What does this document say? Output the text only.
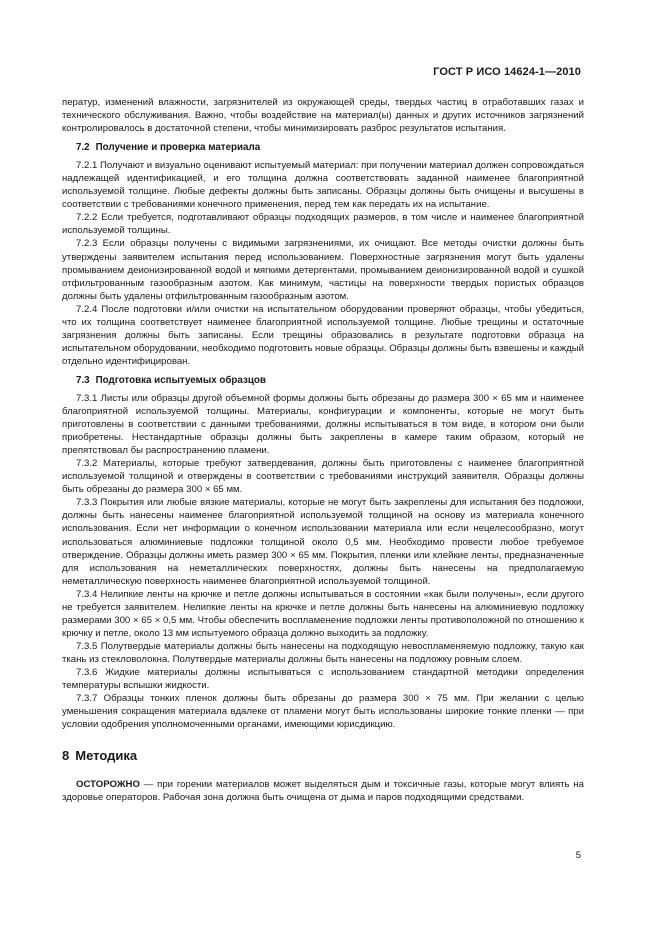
ГОСТ Р ИСО 14624-1—2010

ператур, изменений влажности, загрязнителей из окружающей среды, твердых частиц в отработавших газах и технического обслуживания. Важно, чтобы воздействие на материал(ы) данных и других источников загрязнений контролировалось в достаточной степени, чтобы минимизировать разброс результатов испытания.

7.2 Получение и проверка материала

7.2.1 Получают и визуально оценивают испытуемый материал: при получении материал должен сопровождаться надлежащей идентификацией, и его толщина должна соответствовать заданной наименее благоприятной используемой толщине. Любые дефекты должны быть записаны. Образцы должны быть очищены и высушены в соответствии с требованиями конечного применения, перед тем как передать их на испытание.

7.2.2 Если требуется, подготавливают образцы подходящих размеров, в том числе и наименее благоприятной используемой толщины.

7.2.3 Если образцы получены с видимыми загрязнениями, их очищают. Все методы очистки должны быть утверждены заявителем испытания перед использованием. Поверхностные загрязнения могут быть удалены промыванием деионизированной водой и мягкими детергентами, промыванием деионизированной водой и сушкой отфильтрованным газообразным азотом. Как минимум, частицы на поверхности твердых пористых образцов должны быть удалены отфильтрованным газообразным азотом.

7.2.4 После подготовки и/или очистки на испытательном оборудовании проверяют образцы, чтобы убедиться, что их толщина соответствует наименее благоприятной используемой толщине. Любые трещины и остаточные загрязнения должны быть записаны. Если трещины образовались в результате подготовки образца на испытательном оборудовании, необходимо подготовить новые образцы. Образцы должны быть взвешены и каждый отдельно идентифицирован.

7.3 Подготовка испытуемых образцов

7.3.1 Листы или образцы другой объемной формы должны быть обрезаны до размера 300 × 65 мм и наименее благоприятной используемой толщины. Материалы, конфигурации и компоненты, которые не могут быть приготовлены в соответствии с данными требованиями, должны испытываться в том виде, в котором они были приобретены. Нестандартные образцы должны быть закреплены в камере таким образом, который не препятствовал бы распространению пламени.

7.3.2 Материалы, которые требуют затвердевания, должны быть приготовлены с наименее благоприятной используемой толщиной и отверждены в соответствии с требованиями инструкций заявителя. Образцы должны быть обрезаны до размера 300 × 65 мм.

7.3.3 Покрытия или любые вязкие материалы, которые не могут быть закреплены для испытания без подложки, должны быть нанесены наименее благоприятной используемой толщиной на основу из материала конечного использования. Если нет информации о конечном использовании материала или если нецелесообразно, могут использоваться алюминиевые подложки толщиной около 0,5 мм. Необходимо провести любое требуемое отверждение. Образцы должны иметь размер 300 × 65 мм. Покрытия, пленки или клейкие ленты, предназначенные для использования на неметаллических поверхностях, должны быть нанесены на предполагаемую неметаллическую поверхность наименее благоприятной используемой толщиной.

7.3.4 Нелипкие ленты на крючке и петле должны испытываться в состоянии «как были получены», если другого не требуется заявителем. Нелипкие ленты на крючке и петле должны быть нанесены на алюминиевую подложку размерами 300 × 65 × 0,5 мм. Чтобы обеспечить воспламенение подложки ленты противоположной по отношению к крючку и петле, около 13 мм испытуемого образца должно выходить за подложку.

7.3.5 Полутвердые материалы должны быть нанесены на подходящую невоспламеняемую подложку, такую как ткань из стекловолокна. Полутвердые материалы должны быть нанесены на подложку ровным слоем.

7.3.6 Жидкие материалы должны испытываться с использованием стандартной методики определения температуры вспышки жидкости.

7.3.7 Образцы тонких пленок должны быть обрезаны до размера 300 × 75 мм. При желании с целью уменьшения сокращения материала вдалеке от пламени могут быть использованы широкие тонкие пленки — при условии одобрения уполномоченными органами, имеющими юрисдикцию.

8 Методика

ОСТОРОЖНО — при горении материалов может выделяться дым и токсичные газы, которые могут влиять на здоровье операторов. Рабочая зона должна быть очищена от дыма и паров подходящими средствами.

5
